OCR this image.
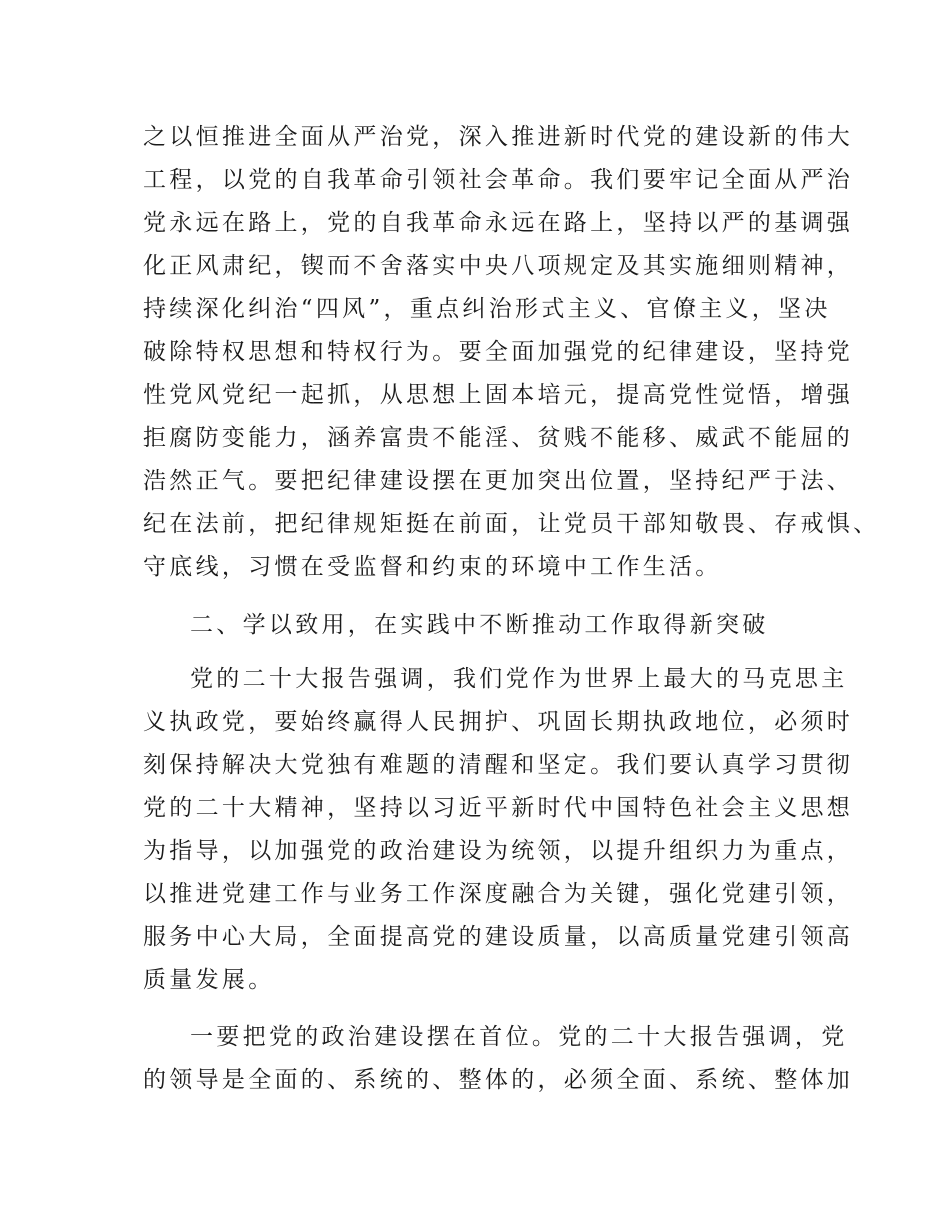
之以恒推进全面从严治党，深入推进新时代党的建设新的伟大
工程，以党的自我革命引领社会革命。我们要牢记全面从严治
党永远在路上，党的自我革命永远在路上，坚持以严的基调强
化正风肃纪，锲而不舍落实中央八项规定及其实施细则精神，
持续深化纠治“四风”，重点纠治形式主义、官僚主义，坚决
破除特权思想和特权行为。要全面加强党的纪律建设，坚持党
性党风党纪一起抓，从思想上固本培元，提高党性觉悟，增强
拒腐防变能力，涵养富贵不能淫、贫贱不能移、威武不能屈的
浩然正气。要把纪律建设摆在更加突出位置，坚持纪严于法、
纪在法前，把纪律规矩挺在前面，让党员干部知敬畏、存戒惧、
守底线，习惯在受监督和约束的环境中工作生活。
二、学以致用，在实践中不断推动工作取得新突破
党的二十大报告强调，我们党作为世界上最大的马克思主
义执政党，要始终赢得人民拥护、巩固长期执政地位，必须时
刻保持解决大党独有难题的清醒和坚定。我们要认真学习贯彻
党的二十大精神，坚持以习近平新时代中国特色社会主义思想
为指导，以加强党的政治建设为统领，以提升组织力为重点，
以推进党建工作与业务工作深度融合为关键，强化党建引领，
服务中心大局，全面提高党的建设质量，以高质量党建引领高
质量发展。
一要把党的政治建设摆在首位。党的二十大报告强调，党
的领导是全面的、系统的、整体的，必须全面、系统、整体加
